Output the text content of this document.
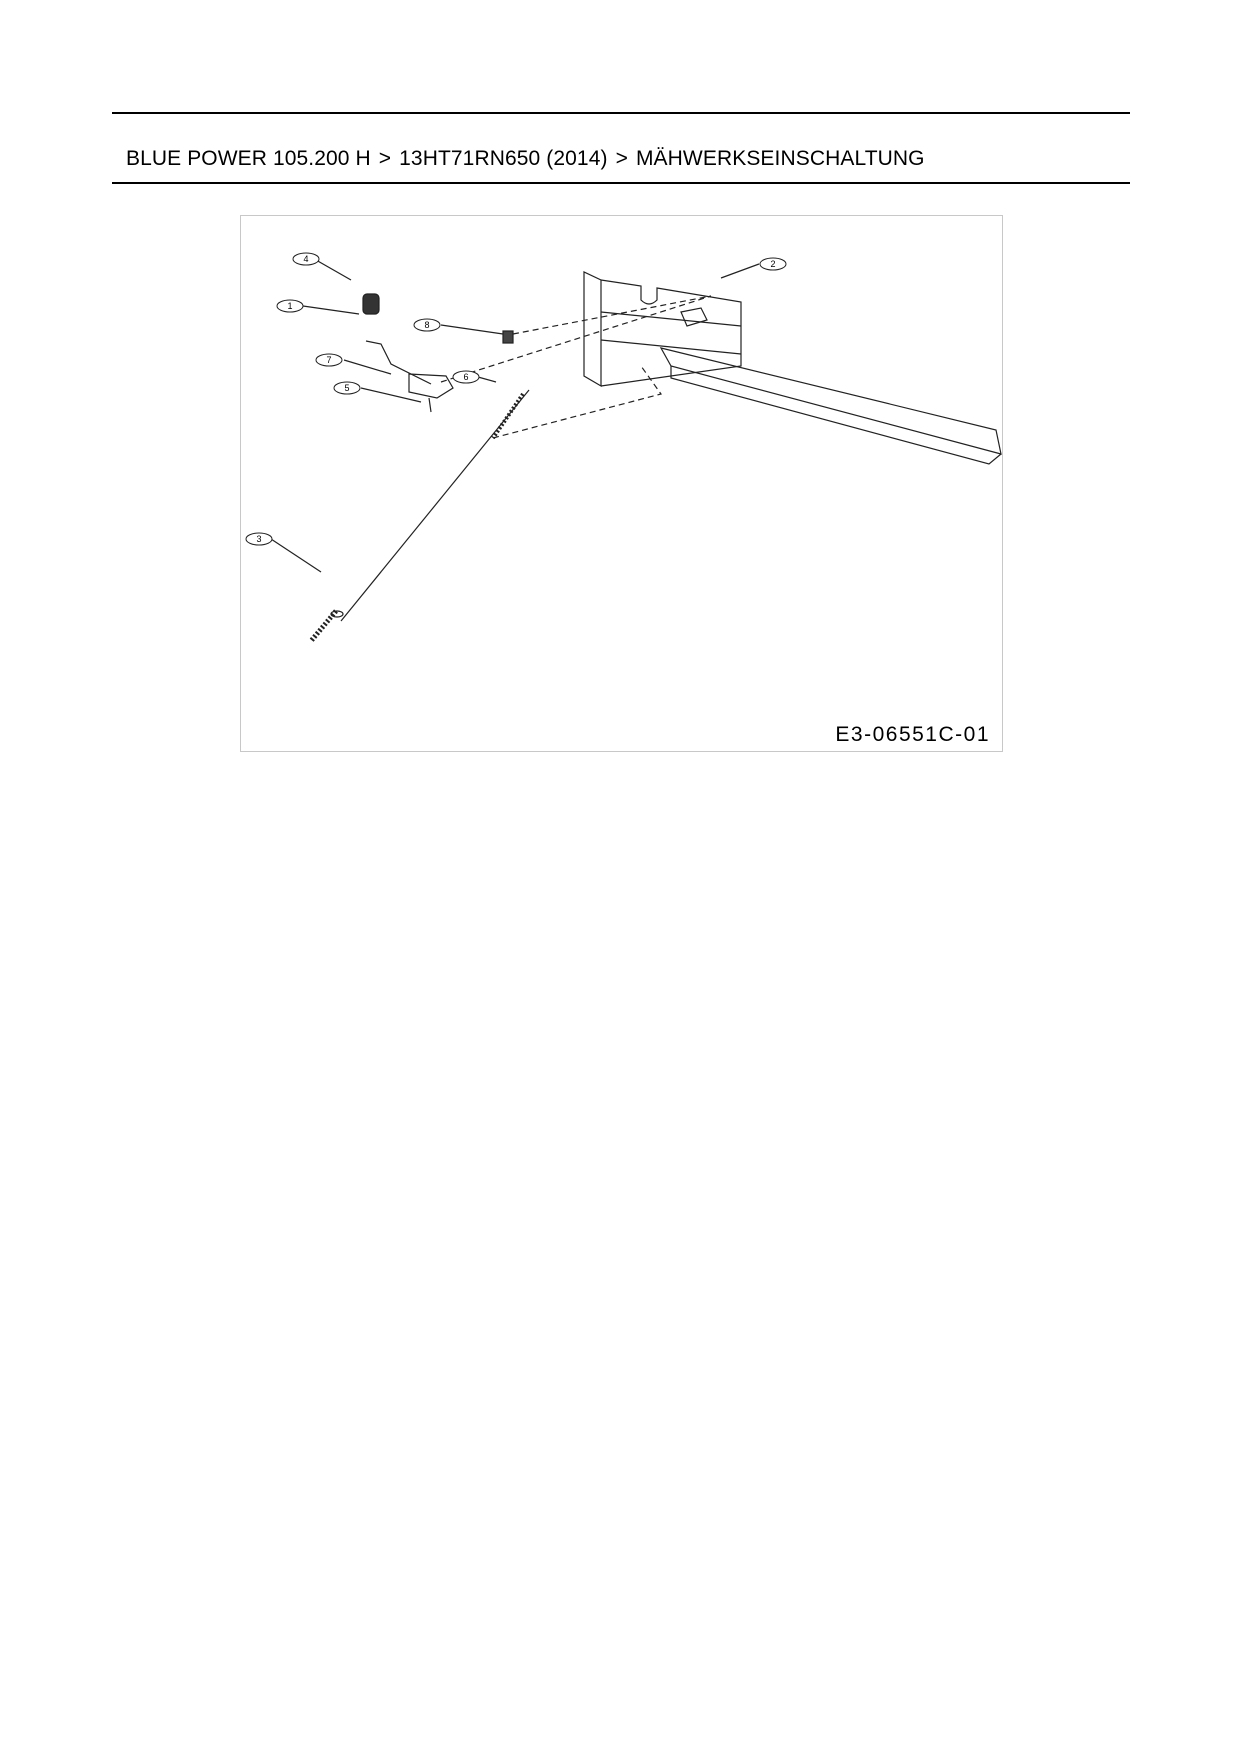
BLUE POWER 105.200 H > 13HT71RN650 (2014) > MÄHWERKSEINSCHALTUNG
4
1
7
5
8
6
2
3
E3-06551C-01
